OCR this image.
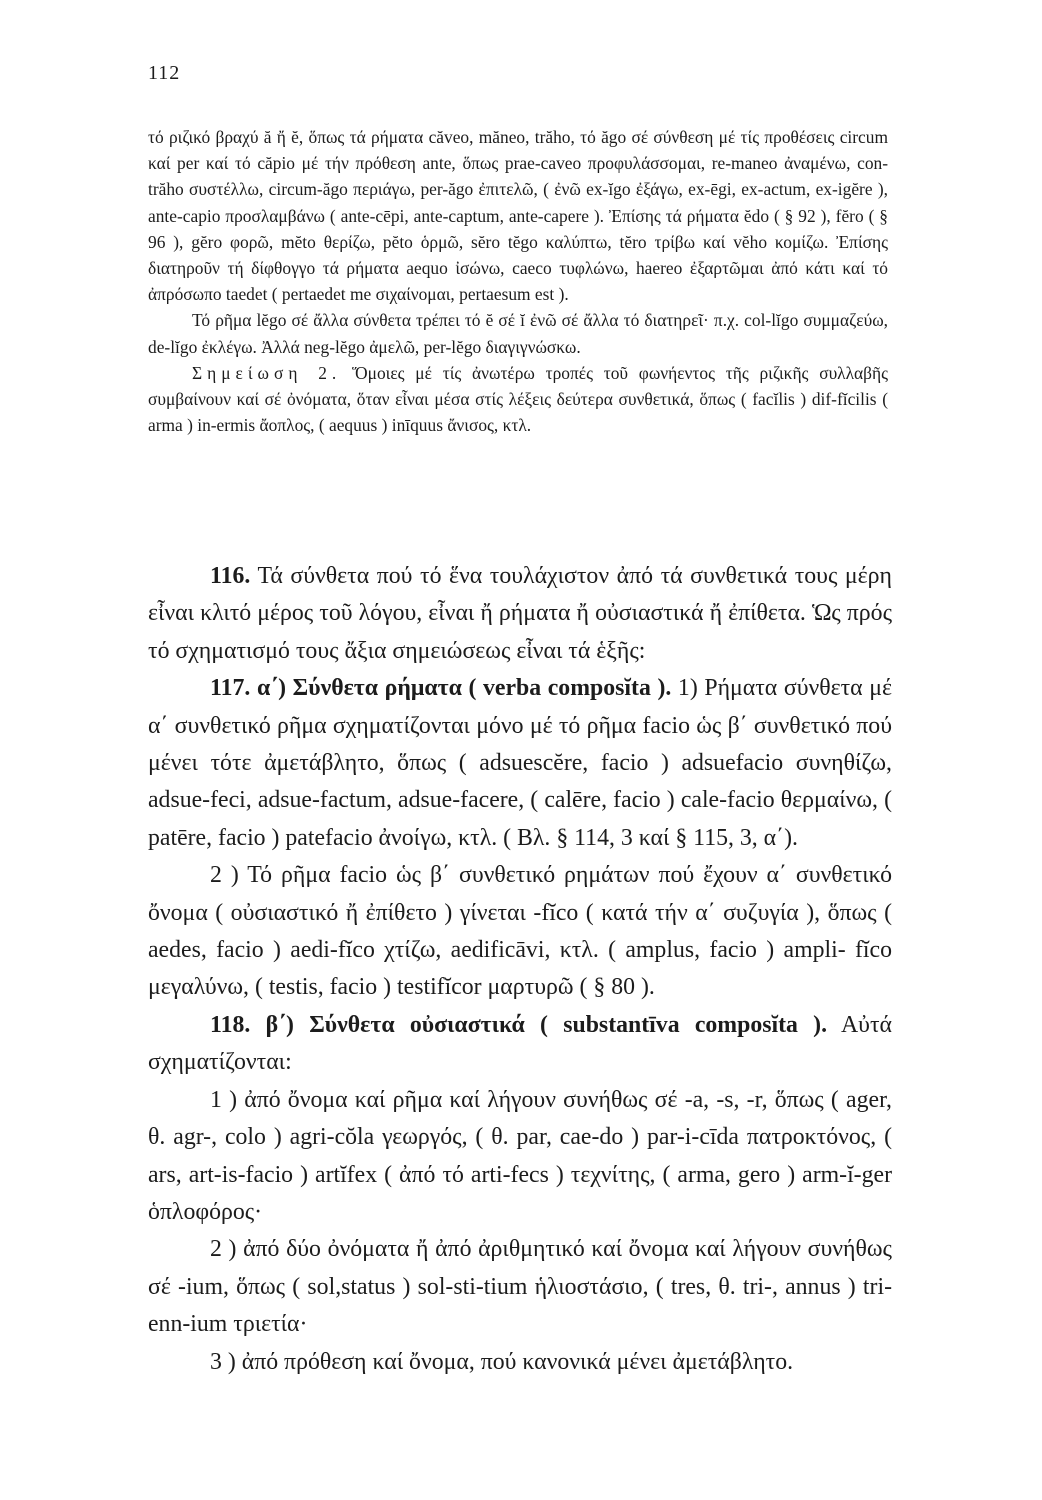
112

τό ριζικό βραχύ ă ἤ ĕ, ὅπως τά ρήματα căveo, măneo, trăho, τό ăgo σέ σύνθεση μέ τίς προθέσεις circum καί per καί τό căpio μέ τήν πρόθεση ante, ὅπως prae-caveo προφυλάσσομαι, re-maneo ἀναμένω, con-trăho συστέλλω, circum-ăgo περιάγω, per-ăgo ἐπιτελῶ, ( ἐνῶ ex-ĭgo ἐξάγω, ex-ēgi, ex-actum, ex-igĕre ), ante-capio προσλαμβάνω ( ante-cēpi, ante-captum, ante-capere ). Ἐπίσης τά ρήματα ĕdo ( § 92 ), fĕro ( § 96 ), gĕro φορῶ, mĕto θερίζω, pĕto ὁρμῶ, sĕro tĕgo καλύπτω, tĕro τρίβω καί vĕho κομίζω. Ἐπίσης διατηροῦν τή δίφθογγο τά ρήματα aequo ἰσώνω, caeco τυφλώνω, haereo ἐξαρτῶμαι ἀπό κάτι καί τό ἀπρόσωπο taedet ( pertaedet me σιχαίνομαι, pertaesum est ).

Τό ρῆμα lĕgo σέ ἄλλα σύνθετα τρέπει τό ĕ σέ ĭ ἐνῶ σέ ἄλλα τό διατηρεῖ· π.χ. col-lĭgo συμμαζεύω, de-lĭgo ἐκλέγω. Ἀλλά neg-lĕgo ἀμελῶ, per-lĕgo διαγιγνώσκω.

Σημείωση 2. Ὅμοιες μέ τίς ἀνωτέρω τροπές τοῦ φωνήεντος τῆς ριζικῆς συλλαβῆς συμβαίνουν καί σέ ὀνόματα, ὅταν εἶναι μέσα στίς λέξεις δεύτερα συνθετικά, ὅπως ( facĭlis ) dif-fĭcilis ( arma ) in-ermis ἄοπλος, ( aequus ) inīquus ἄνισος, κτλ.

116. Τά σύνθετα πού τό ἕνα τουλάχιστον ἀπό τά συνθετικά τους μέρη εἶναι κλιτό μέρος τοῦ λόγου, εἶναι ἤ ρήματα ἤ οὐσιαστικά ἤ ἐπίθετα. Ὡς πρός τό σχηματισμό τους ἄξια σημειώσεως εἶναι τά ἑξῆς:

117. α΄) Σύνθετα ρήματα ( verba composĭta ). 1) Ρήματα σύνθετα μέ α΄ συνθετικό ρῆμα σχηματίζονται μόνο μέ τό ρῆμα facio ὡς β΄ συνθετικό πού μένει τότε ἀμετάβλητο, ὅπως ( adsuescĕre, facio ) adsuefacio συνηθίζω, adsue-feci, adsue-factum, adsue-facere, ( calēre, facio ) cale-facio θερμαίνω, ( patēre, facio ) patefacio ἀνοίγω, κτλ. ( Βλ. § 114, 3 καί § 115, 3, α΄).

2 ) Τό ρῆμα facio ὡς β΄ συνθετικό ρημάτων πού ἔχουν α΄ συνθετικό ὄνομα ( οὐσιαστικό ἤ ἐπίθετο ) γίνεται -fĭco ( κατά τήν α΄ συζυγία ), ὅπως ( aedes, facio ) aedi-fĭco χτίζω, aedificāvi, κτλ. ( amplus, facio ) ampli- fĭco μεγαλύνω, ( testis, facio ) testifĭcor μαρτυρῶ ( § 80 ).

118. β΄) Σύνθετα οὐσιαστικά ( substantīva composĭta ). Αὐτά σχηματίζονται:

1 ) ἀπό ὄνομα καί ρῆμα καί λήγουν συνήθως σέ -a, -s, -r, ὅπως ( ager, θ. agr-, colo ) agri-cŏla γεωργός, ( θ. par, cae-do ) par-i-cīda πατροκτόνος, ( ars, art-is-facio ) artĭfex ( ἀπό τό arti-fecs ) τεχνίτης, ( arma, gero ) arm-ĭ-ger ὁπλοφόρος·

2 ) ἀπό δύο ὀνόματα ἤ ἀπό ἀριθμητικό καί ὄνομα καί λήγουν συνήθως σέ -ium, ὅπως ( sol,status ) sol-sti-tium ἡλιοστάσιο, ( tres, θ. tri-, annus ) tri-enn-ium τριετία·

3 ) ἀπό πρόθεση καί ὄνομα, πού κανονικά μένει ἀμετάβλητο.
